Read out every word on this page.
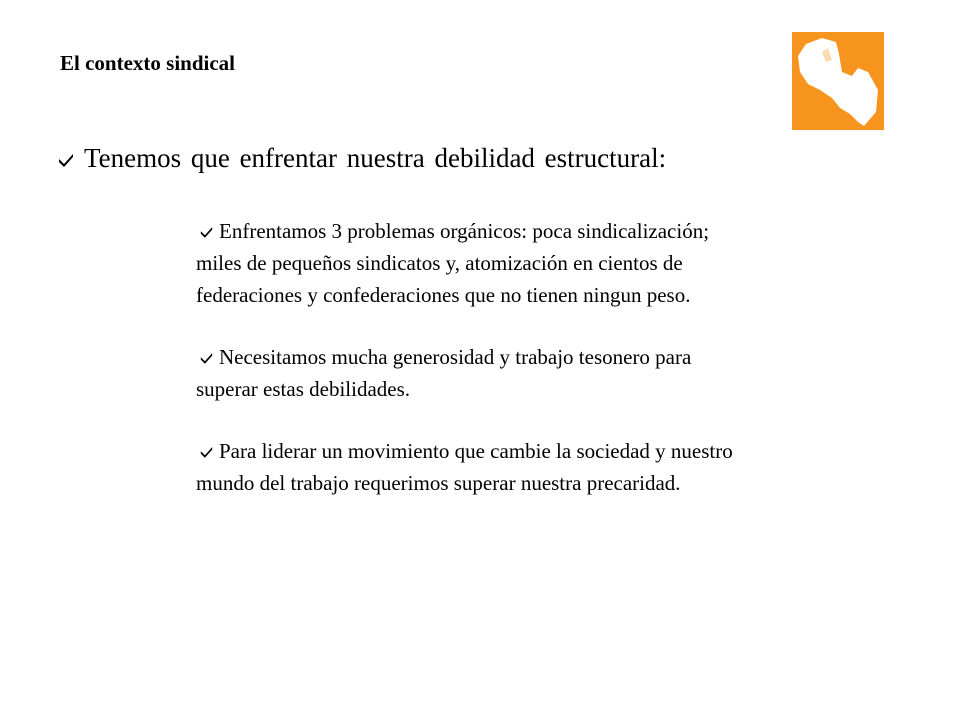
El contexto sindical
Tenemos que enfrentar nuestra debilidad estructural:
Enfrentamos 3 problemas orgánicos: poca sindicalización;
miles de pequeños sindicatos y, atomización en cientos de
federaciones y confederaciones que no tienen ningun peso.
Necesitamos mucha generosidad y trabajo tesonero para
superar estas debilidades.
Para liderar un movimiento que cambie la sociedad y nuestro
mundo del trabajo requerimos superar nuestra precaridad.
